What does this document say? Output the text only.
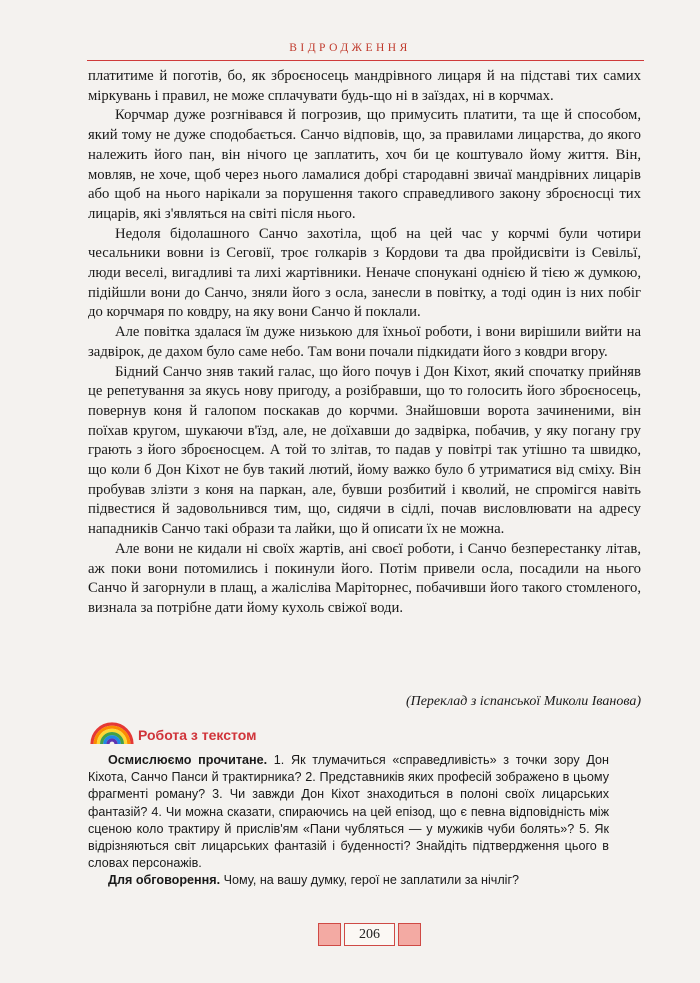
ВІДРОДЖЕННЯ

платитиме й поготів, бо, як зброєносець мандрівного лицаря й на підставі тих самих міркувань і правил, не може сплачувати будь-що ні в заїздах, ні в корчмах.

Корчмар дуже розгнівався й погрозив, що примусить платити, та ще й способом, який тому не дуже сподобається. Санчо відповів, що, за правилами лицарства, до якого належить його пан, він нічого це заплатить, хоч би це коштувало йому життя. Він, мовляв, не хоче, щоб через нього ламалися добрі стародавні звичаї мандрівних лицарів або щоб на нього нарікали за порушення такого справедливого закону зброєносці тих лицарів, які з'являться на світі після нього.

Недоля бідолашного Санчо захотіла, щоб на цей час у корчмі були чотири чесальники вовни із Сеговії, троє голкарів з Кордови та два пройдисвіти із Севільї, люди веселі, вигадливі та лихі жартівники. Неначе спонукані однією й тією ж думкою, підійшли вони до Санчо, зняли його з осла, занесли в повітку, а тоді один із них побіг до корчмаря по ковдру, на яку вони Санчо й поклали.

Але повітка здалася їм дуже низькою для їхньої роботи, і вони вирішили вийти на задвірок, де дахом було саме небо. Там вони почали підкидати його з ковдри вгору.

Бідний Санчо зняв такий галас, що його почув і Дон Кіхот, який спочатку прийняв це репетування за якусь нову пригоду, а розібравши, що то голосить його зброєносець, повернув коня й галопом поскакав до корчми. Знайшовши ворота зачиненими, він поїхав кругом, шукаючи в'їзд, але, не доїхавши до задвірка, побачив, у яку погану гру грають з його зброєносцем. А той то злітав, то падав у повітрі так утішно та швидко, що коли б Дон Кіхот не був такий лютий, йому важко було б утриматися від сміху. Він пробував злізти з коня на паркан, але, бувши розбитий і кволий, не спромігся навіть підвестися й задовольнився тим, що, сидячи в сідлі, почав висловлювати на адресу нападників Санчо такі образи та лайки, що й описати їх не можна.

Але вони не кидали ні своїх жартів, ані своєї роботи, і Санчо безперестанку літав, аж поки вони потомились і покинули його. Потім привели осла, посадили на нього Санчо й загорнули в плащ, а жалісліва Маріторнес, побачивши його такого стомленого, визнала за потрібне дати йому кухоль свіжої води.

(Переклад з іспанської Миколи Іванова)
Робота з текстом

Осмислюємо прочитане. 1. Як тлумачиться «справедливість» з точки зору Дон Кіхота, Санчо Панси й трактирника? 2. Представників яких професій зображено в цьому фрагменті роману? 3. Чи завжди Дон Кіхот знаходиться в полоні своїх лицарських фантазій? 4. Чи можна сказати, спираючись на цей епізод, що є певна відповідність між сценою коло трактиру й прислів'ям «Пани чубляться — у мужиків чуби болять»? 5. Як відрізняються світ лицарських фантазій і буденності? Знайдіть підтвердження цього в словах персонажів.

Для обговорення. Чому, на вашу думку, герої не заплатили за нічліг?

206
